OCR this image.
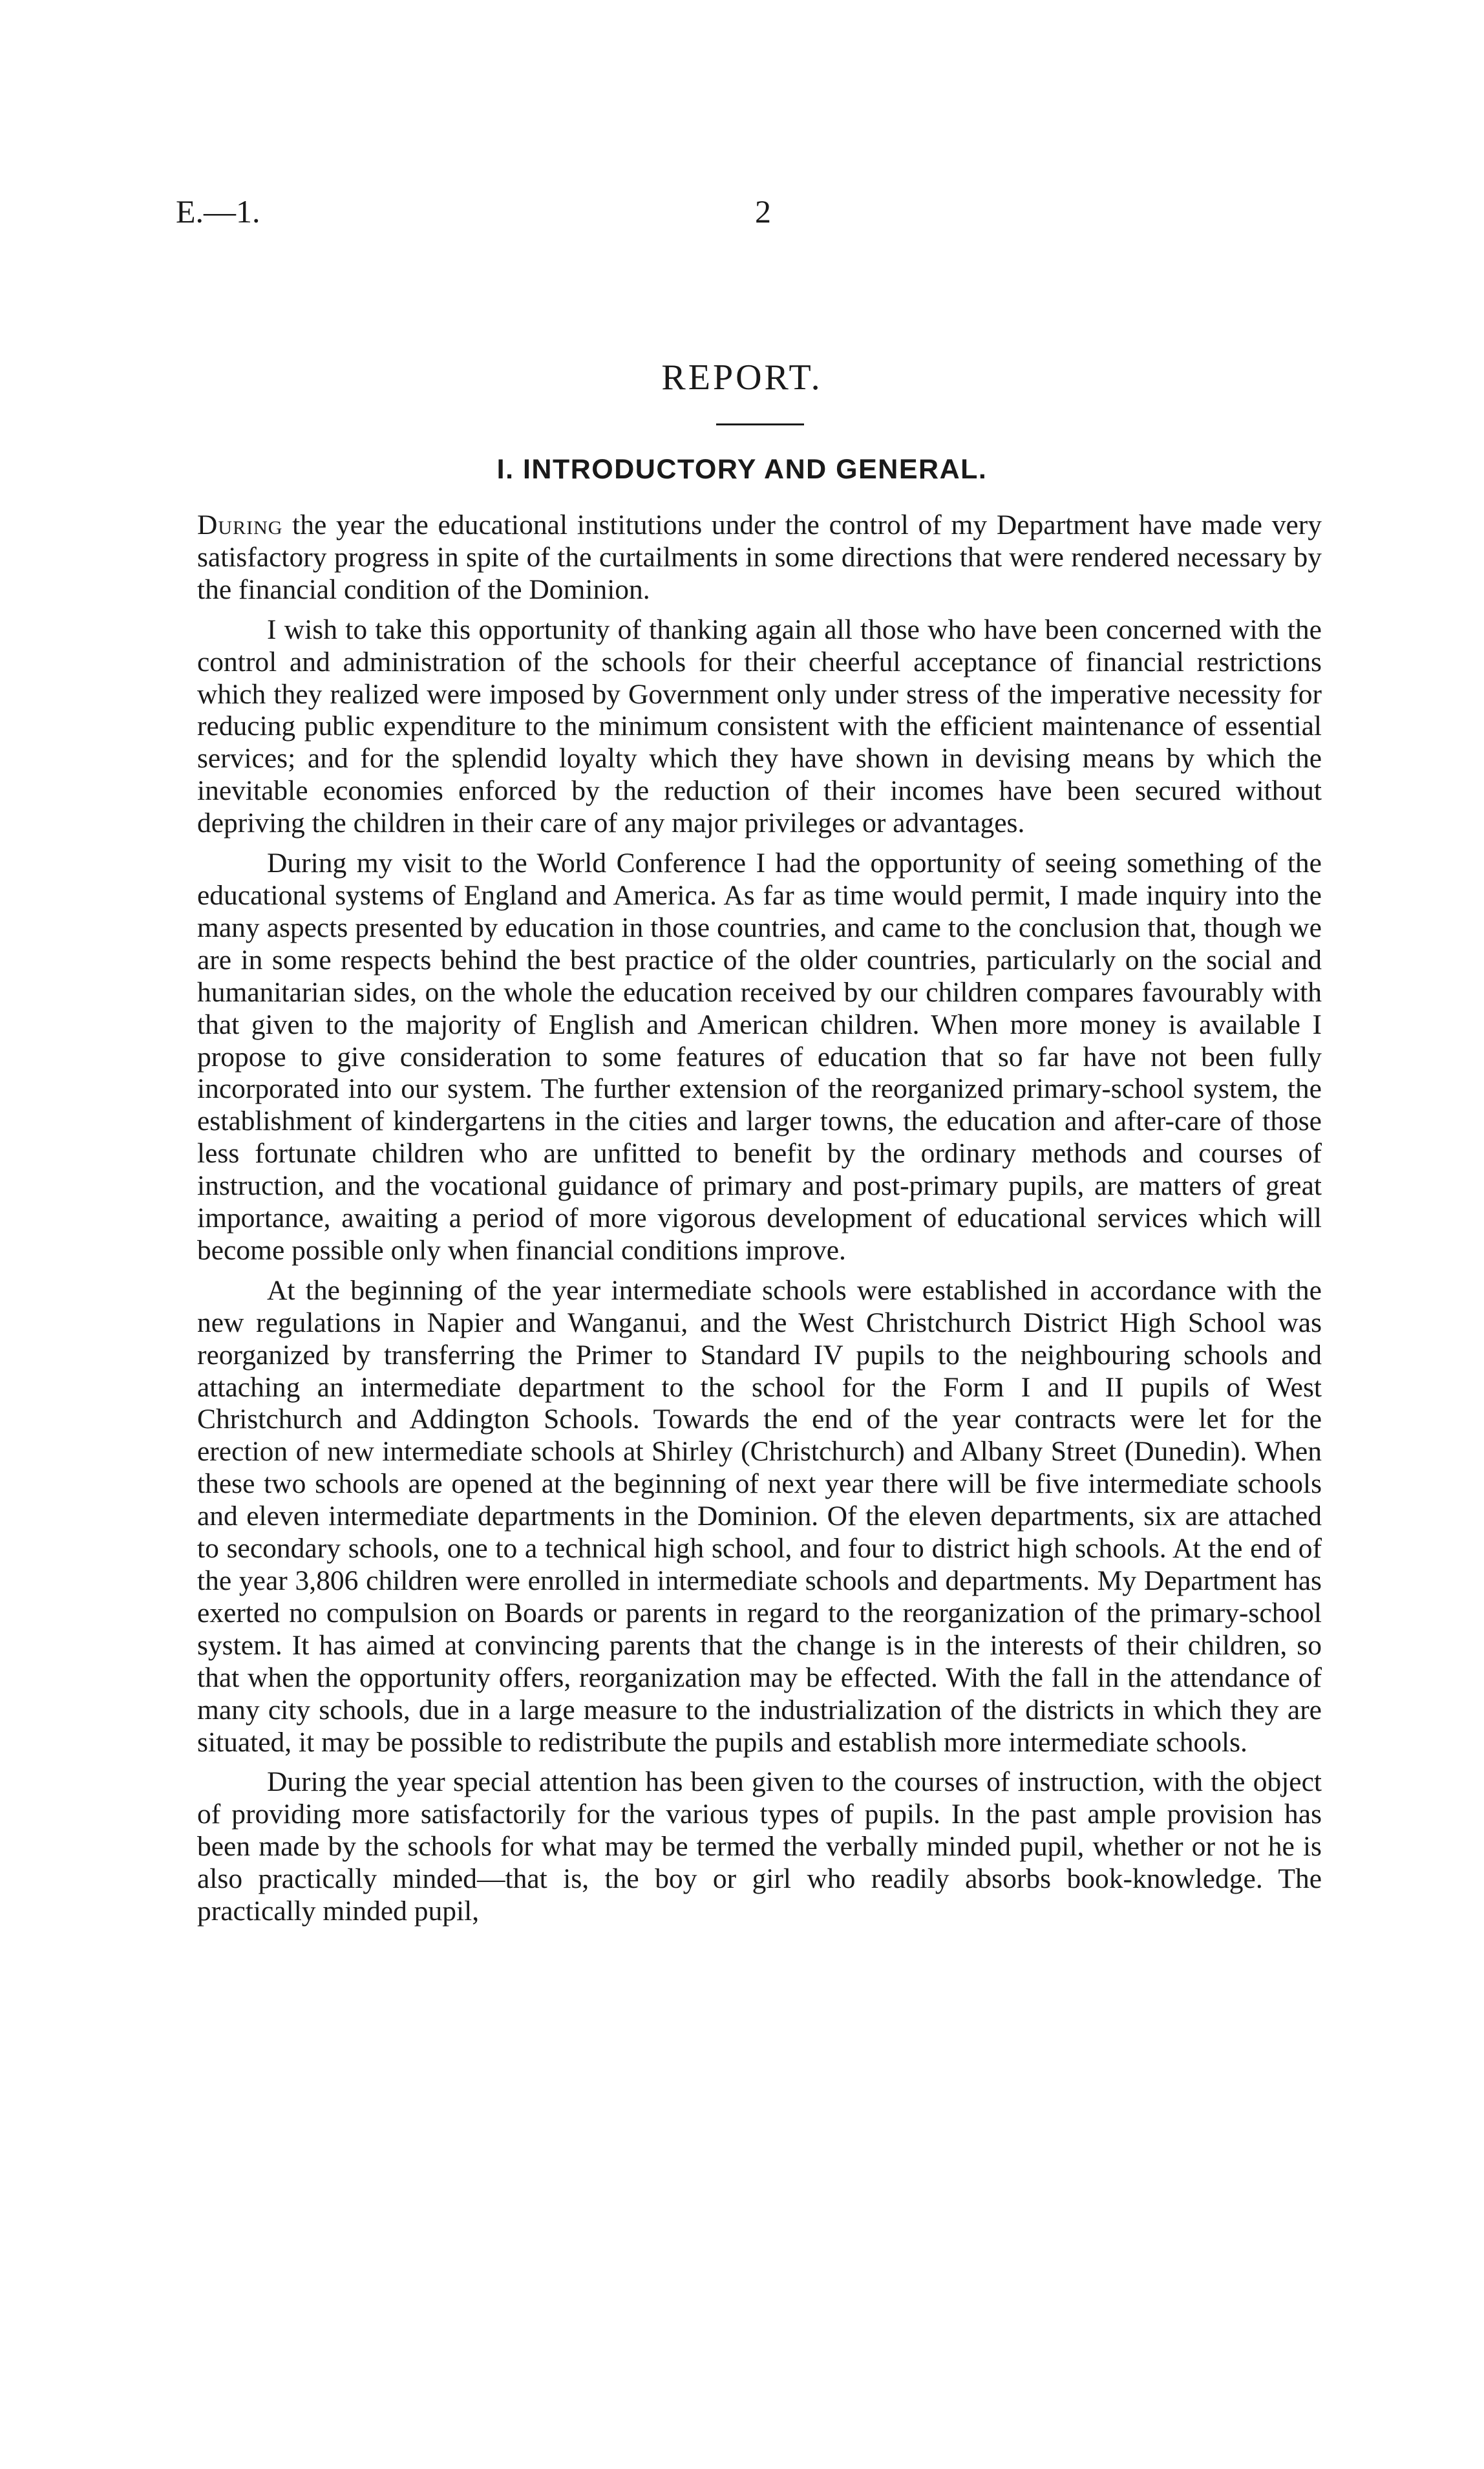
E.—1.	2
REPORT.
I. INTRODUCTORY AND GENERAL.

During the year the educational institutions under the control of my Department have made very satisfactory progress in spite of the curtailments in some directions that were rendered necessary by the financial condition of the Dominion.

I wish to take this opportunity of thanking again all those who have been concerned with the control and administration of the schools for their cheerful acceptance of financial restrictions which they realized were imposed by Government only under stress of the imperative necessity for reducing public expenditure to the minimum consistent with the efficient maintenance of essential services; and for the splendid loyalty which they have shown in devising means by which the inevitable economies enforced by the reduction of their incomes have been secured without depriving the children in their care of any major privileges or advantages.

During my visit to the World Conference I had the opportunity of seeing something of the educational systems of England and America. As far as time would permit, I made inquiry into the many aspects presented by education in those countries, and came to the conclusion that, though we are in some respects behind the best practice of the older countries, particularly on the social and humanitarian sides, on the whole the education received by our children compares favourably with that given to the majority of English and American children. When more money is available I propose to give consideration to some features of education that so far have not been fully incorporated into our system. The further extension of the reorganized primary-school system, the establishment of kindergartens in the cities and larger towns, the education and after-care of those less fortunate children who are unfitted to benefit by the ordinary methods and courses of instruction, and the vocational guidance of primary and post-primary pupils, are matters of great importance, awaiting a period of more vigorous development of educational services which will become possible only when financial conditions improve.

At the beginning of the year intermediate schools were established in accordance with the new regulations in Napier and Wanganui, and the West Christchurch District High School was reorganized by transferring the Primer to Standard IV pupils to the neighbouring schools and attaching an intermediate department to the school for the Form I and II pupils of West Christchurch and Addington Schools. Towards the end of the year contracts were let for the erection of new intermediate schools at Shirley (Christchurch) and Albany Street (Dunedin). When these two schools are opened at the beginning of next year there will be five intermediate schools and eleven intermediate departments in the Dominion. Of the eleven departments, six are attached to secondary schools, one to a technical high school, and four to district high schools. At the end of the year 3,806 children were enrolled in intermediate schools and departments. My Department has exerted no compulsion on Boards or parents in regard to the reorganization of the primary-school system. It has aimed at convincing parents that the change is in the interests of their children, so that when the opportunity offers, reorganization may be effected. With the fall in the attendance of many city schools, due in a large measure to the industrialization of the districts in which they are situated, it may be possible to redistribute the pupils and establish more intermediate schools.

During the year special attention has been given to the courses of instruction, with the object of providing more satisfactorily for the various types of pupils. In the past ample provision has been made by the schools for what may be termed the verbally minded pupil, whether or not he is also practically minded—that is, the boy or girl who readily absorbs book-knowledge. The practically minded pupil,
